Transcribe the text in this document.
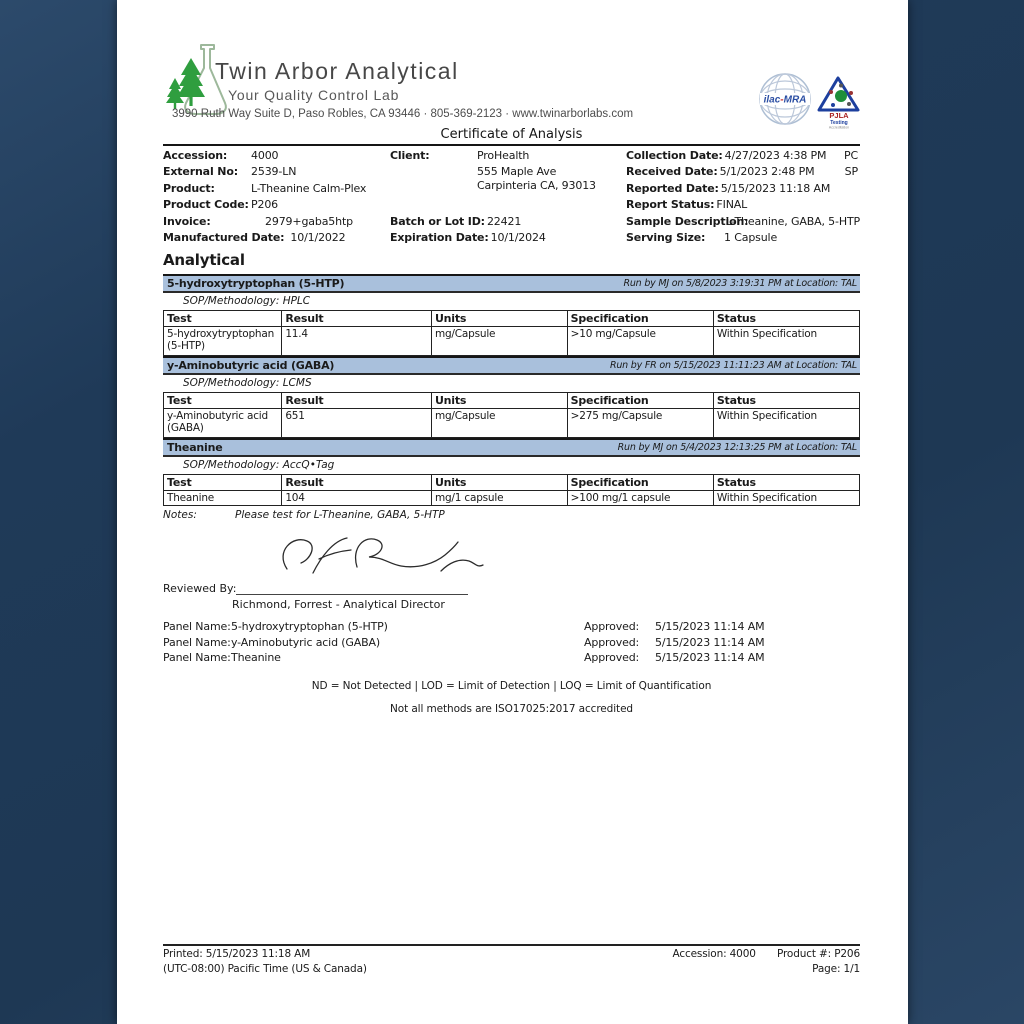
Twin Arbor Analytical
Your Quality Control Lab
3990 Ruth Way Suite D, Paso Robles, CA 93446 · 805-369-2123 · www.twinarborlabs.com
ilac-MRA
PJLA
Testing
Accreditation
Certificate of Analysis
Accession:	4000
External No:	2539-LN
Product:	L-Theanine Calm-Plex
Product Code: P206
Invoice:	2979+gaba5htp
Manufactured Date: 10/1/2022
Client:	ProHealth
555 Maple Ave
Carpinteria CA, 93013
Batch or Lot ID: 22421
Expiration Date: 10/1/2024
Collection Date: 4/27/2023 4:38 PM PC
Received Date: 5/1/2023 2:48 PM	SP
Reported Date: 5/15/2023 11:18 AM
Report Status: FINAL
Sample Description:
L-Theanine, GABA, 5-HTP
Serving Size:	1 Capsule
Analytical
5-hydroxytryptophan (5-HTP)	Run by MJ on 5/8/2023 3:19:31 PM at Location: TAL
SOP/Methodology: HPLC
Test	Result	Units	Specification	Status
5-hydroxytryptophan (5-HTP)	11.4	mg/Capsule	>10 mg/Capsule	Within Specification
y-Aminobutyric acid (GABA)	Run by FR on 5/15/2023 11:11:23 AM at Location: TAL
SOP/Methodology: LCMS
Test	Result	Units	Specification	Status
y-Aminobutyric acid (GABA)	651	mg/Capsule	>275 mg/Capsule	Within Specification
Theanine	Run by MJ on 5/4/2023 12:13:25 PM at Location: TAL
SOP/Methodology: AccQ•Tag
Test	Result	Units	Specification	Status
Theanine	104	mg/1 capsule	>100 mg/1 capsule	Within Specification
Notes:	Please test for L-Theanine, GABA, 5-HTP
Reviewed By:
Richmond, Forrest - Analytical Director
Panel Name: 5-hydroxytryptophan (5-HTP)	Approved: 5/15/2023 11:14 AM
Panel Name: y-Aminobutyric acid (GABA)	Approved: 5/15/2023 11:14 AM
Panel Name: Theanine	Approved: 5/15/2023 11:14 AM
ND = Not Detected | LOD = Limit of Detection | LOQ = Limit of Quantification
Not all methods are ISO17025:2017 accredited
Printed: 5/15/2023 11:18 AM	Accession: 4000 Product #: P206
(UTC-08:00) Pacific Time (US & Canada)	Page: 1/1
